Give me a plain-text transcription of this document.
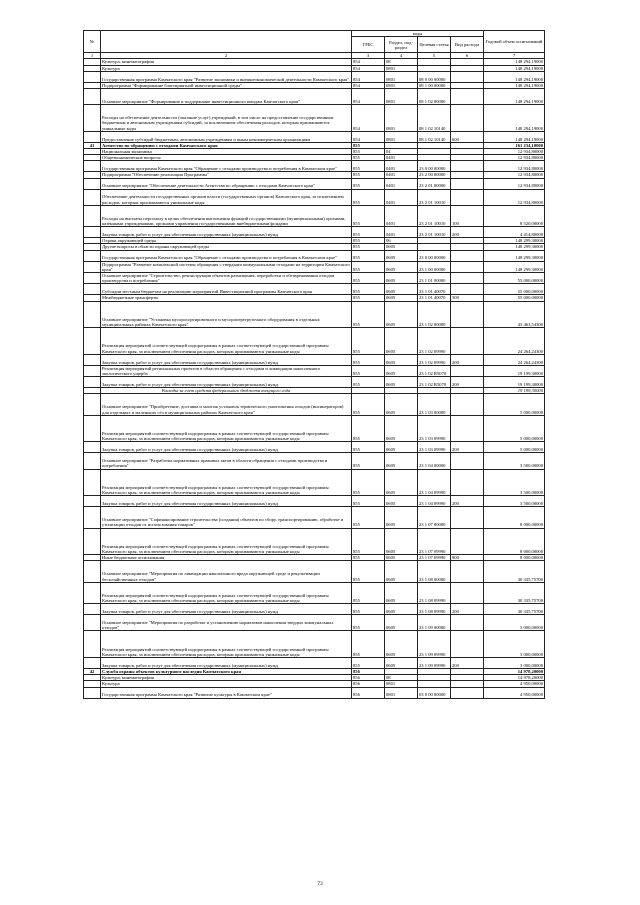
№		коды				Годовой объем ассигнований
		ГРБС	Раздел, под-раздел	Целевая статья	Вид расхода	
1	2	3	4	5	6	7
	Культура, кинематография	854	08			148 294,19000
	Культура	854	0801			148 294,19000
	Государственная программа Камчатского края "Развитие экономики и внешнеэкономической деятельности Камчатского края"	854	0801	08 0 00 00000		148 294,19000
	Подпрограмма "Формирование благоприятной инвестиционной среды"	854	0801	08 1 00 00000		148 294,19000
	Основное мероприятие "Формирование и поддержание инвестиционного имиджа Камчатского края"	854	0801	08 1 02 00000		148 294,19000
	Расходы на обеспечение деятельности (оказание услуг) учреждений, в том числе на предоставление государственным бюджетным и автономным учреждениям субсидий, за исключением обеспечения расходов, которым присваиваются уникальные коды	854	0801	08 1 02 10140		148 294,19000
	Предоставление субсидий бюджетным, автономным учреждениям и иным некоммерческим организациям	854	0801	08 1 02 10140	600	148 294,19000
41	Агентство по обращению с отходами Камчатского края	855				161 234,10000
	Национальная экономика	855	04			12 934,80000
	Общеэкономические вопросы	855	0401			12 934,80000
	Государственная программа Камчатского края "Обращение с отходами производства и потребления в Камчатском крае"	855	0401	23 0 00 00000		12 934,80000
	Подпрограмма "Обеспечение реализации Программы"	855	0401	23 2 00 00000		12 934,80000
	Основное мероприятие "Обеспечение деятельности Агентства по обращению с отходами Камчатского края"	855	0401	23 2 01 00000		12 934,80000
	Обеспечение деятельности государственных органов власти (государственных органов) Камчатского края, за исключением расходов, которым присваиваются уникальные коды	855	0401	23 2 01 10010		12 934,80000
	Расходы на выплаты персоналу в целях обеспечения выполнения функций государственными (муниципальными) органами, казенными учреждениями, органами управления государственными внебюджетными фондами	855	0401	23 2 01 10010	100	8 520,00000
	Закупка товаров, работ и услуг для обеспечения государственных (муниципальных) нужд	855	0401	23 2 01 10010	200	4 414,80000
	Охрана окружающей среды	855	06			148 299,30000
	Другие вопросы в области охраны окружающей среды	855	0605			148 299,30000
	Государственная программа Камчатского края "Обращение с отходами производства и потребления в Камчатском крае"	855	0605	23 0 00 00000		148 299,30000
	Подпрограмма "Развитие комплексной системы обращения с твердыми коммунальными отходами на территории Камчатского края"	855	0605	23 1 00 00000		148 299,30000
	Основное мероприятие "Строительство, реконструкция объектов размещения, переработки и обезвреживания отходов производства и потребления"	855	0605	23 1 01 00000		55 000,00000
	Субсидии местным бюджетам на реализацию мероприятий Инвестиционной программы Камчатского края	855	0605	23 1 01 40070		55 000,00000
	Межбюджетные трансферты	855	0605	23 1 01 40070	500	55 000,00000
	Основное мероприятие "Установка мусоросортировочного и мусороперегрузочного оборудования в отдельных муниципальных районах Камчатского края"	855	0605	23 1 02 00000		43 463,54300
	Реализация мероприятий соответствующей подпрограммы в рамках соответствующей государственной программы Камчатского края, за исключением обеспечения расходов, которым присваиваются уникальные коды	855	0605	23 1 02 09990		24 264,24300
	Закупка товаров, работ и услуг для обеспечения государственных (муниципальных) нужд	855	0605	23 1 02 09990	200	24 264,24300
	Реализация мероприятий региональных проектов в области обращения с отходами и ликвидации накопленного экологического ущерба	855	0605	23 1 02 R5070		19 199,30000
	Закупка товаров, работ и услуг для обеспечения государственных (муниципальных) нужд	855	0605	23 1 02 R5070	200	19 199,30000
	Расходы за счет средств федерального бюджета текущего года					19 199,30000
	Основное мероприятие "Приобретение, доставка и монтаж установок термического уничтожения отходов (инсинераторов) для отдельных и маленьких сёл в муниципальных районах Камчатского края"	855	0605	23 1 03 00000		5 000,00000
	Реализация мероприятий соответствующей подпрограммы в рамках соответствующей государственной программы Камчатского края, за исключением обеспечения расходов, которым присваиваются уникальные коды	855	0605	23 1 03 09990		5 000,00000
	Закупка товаров, работ и услуг для обеспечения государственных (муниципальных) нужд	855	0605	23 1 03 09990	200	5 000,00000
	Основное мероприятие "Разработка нормативных правовых актов в области обращения с отходами производства и потребления"	855	0605	23 1 04 00000		3 500,00000
	Реализация мероприятий соответствующей подпрограммы в рамках соответствующей государственной программы Камчатского края, за исключением обеспечения расходов, которым присваиваются уникальные коды	855	0605	23 1 04 09990		3 500,00000
	Закупка товаров, работ и услуг для обеспечения государственных (муниципальных) нужд	855	0605	23 1 04 09990	200	3 500,00000
	Основное мероприятие "Софинансирование строительства (создания) объектов по сбору, транспортированию, обработке и утилизации отходов от использования товаров"	855	0605	23 1 07 00000		8 000,00000
	Реализация мероприятий соответствующей подпрограммы в рамках соответствующей государственной программы Камчатского края, за исключением обеспечения расходов, которым присваиваются уникальные коды	855	0605	23 1 07 09990		8 000,00000
	Иные бюджетные ассигнования	855	0605	23 1 07 09990	800	8 000,00000
	Основное мероприятие "Мероприятия по ликвидации накопленного вреда окружающей среде и рекультивации бесхозяйственных отходов"	855	0605	23 1 08 00000		30 335,75700
	Реализация мероприятий соответствующей подпрограммы в рамках соответствующей государственной программы Камчатского края, за исключением обеспечения расходов, которым присваиваются уникальные коды	855	0605	23 1 08 09990		30 335,75700
	Закупка товаров, работ и услуг для обеспечения государственных (муниципальных) нужд	855	0605	23 1 08 09990	200	30 335,75700
	Основное мероприятие "Мероприятия по разработке и установлению нормативов накопления твердых коммунальных отходов"	855	0605	23 1 09 00000		3 000,00000
	Реализация мероприятий соответствующей подпрограммы в рамках соответствующей государственной программы Камчатского края, за исключением обеспечения расходов, которым присваиваются уникальные коды	855	0605	23 1 09 09990		3 000,00000
	Закупка товаров, работ и услуг для обеспечения государственных (муниципальных) нужд	855	0605	23 1 09 09990	200	3 000,00000
42	Служба охраны объектов культурного наследия Камчатского края	856				14 978,20000
	Культура, кинематография	856	08			14 978,20000
	Культура	856	0801			4 950,00000
	Государственная программа Камчатского края "Развитие культуры в Камчатском крае"	856	0801	03 0 00 00000		4 950,00000
73
